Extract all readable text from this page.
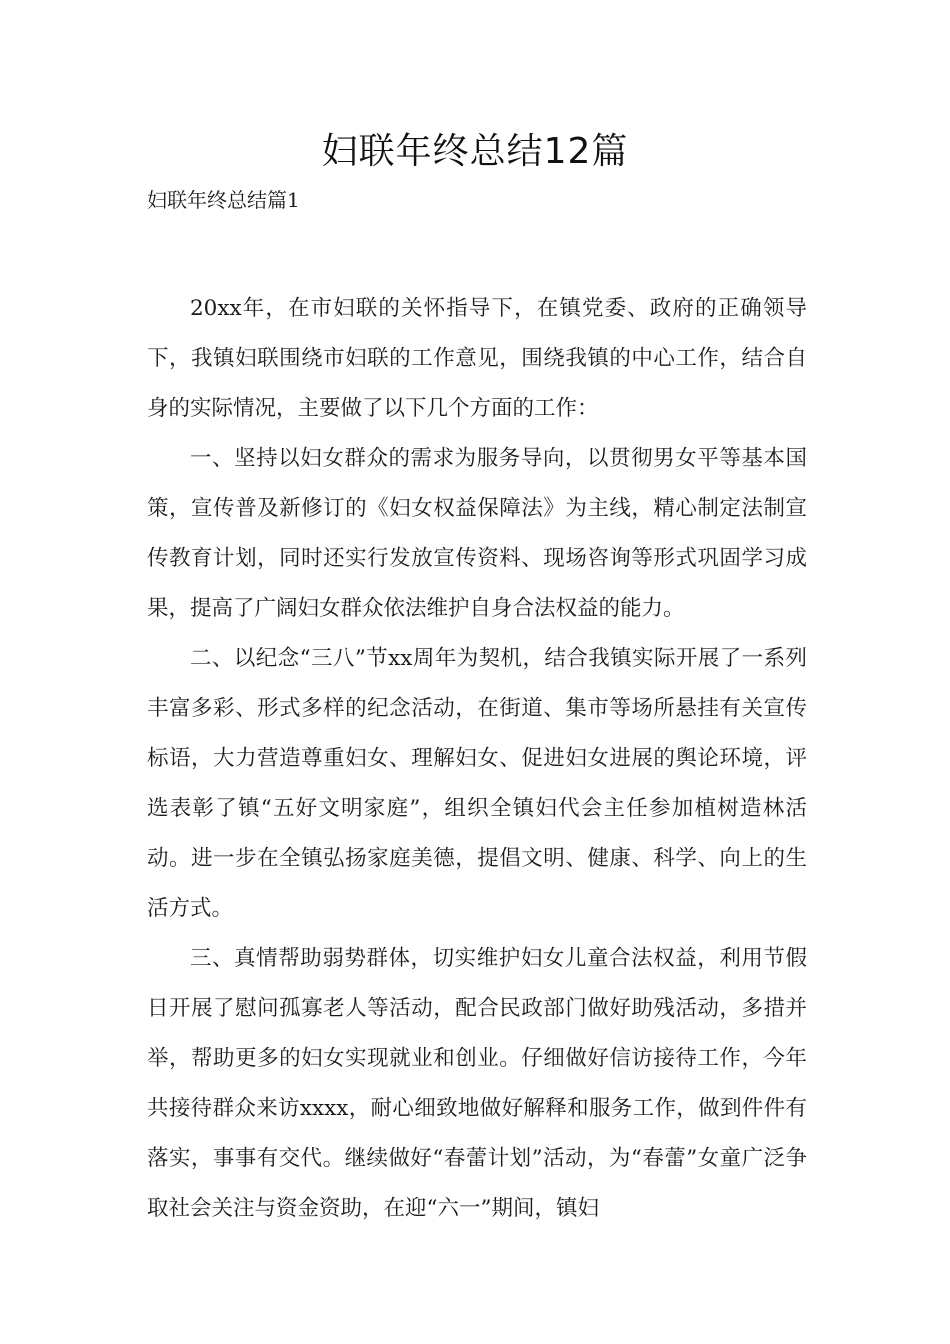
妇联年终总结12篇
妇联年终总结篇1

20xx年，在市妇联的关怀指导下，在镇党委、政府的正确领导下，我镇妇联围绕市妇联的工作意见，围绕我镇的中心工作，结合自身的实际情况，主要做了以下几个方面的工作：

一、坚持以妇女群众的需求为服务导向，以贯彻男女平等基本国策，宣传普及新修订的《妇女权益保障法》为主线，精心制定法制宣传教育计划，同时还实行发放宣传资料、现场咨询等形式巩固学习成果，提高了广阔妇女群众依法维护自身合法权益的能力。

二、以纪念“三八”节xx周年为契机，结合我镇实际开展了一系列丰富多彩、形式多样的纪念活动，在街道、集市等场所悬挂有关宣传标语，大力营造尊重妇女、理解妇女、促进妇女进展的舆论环境，评选表彰了镇“五好文明家庭”，组织全镇妇代会主任参加植树造林活动。进一步在全镇弘扬家庭美德，提倡文明、健康、科学、向上的生活方式。

三、真情帮助弱势群体，切实维护妇女儿童合法权益，利用节假日开展了慰问孤寡老人等活动，配合民政部门做好助残活动，多措并举，帮助更多的妇女实现就业和创业。仔细做好信访接待工作，今年共接待群众来访xxxx，耐心细致地做好解释和服务工作，做到件件有落实，事事有交代。继续做好“春蕾计划”活动，为“春蕾”女童广泛争取社会关注与资金资助，在迎“六一”期间，镇妇
